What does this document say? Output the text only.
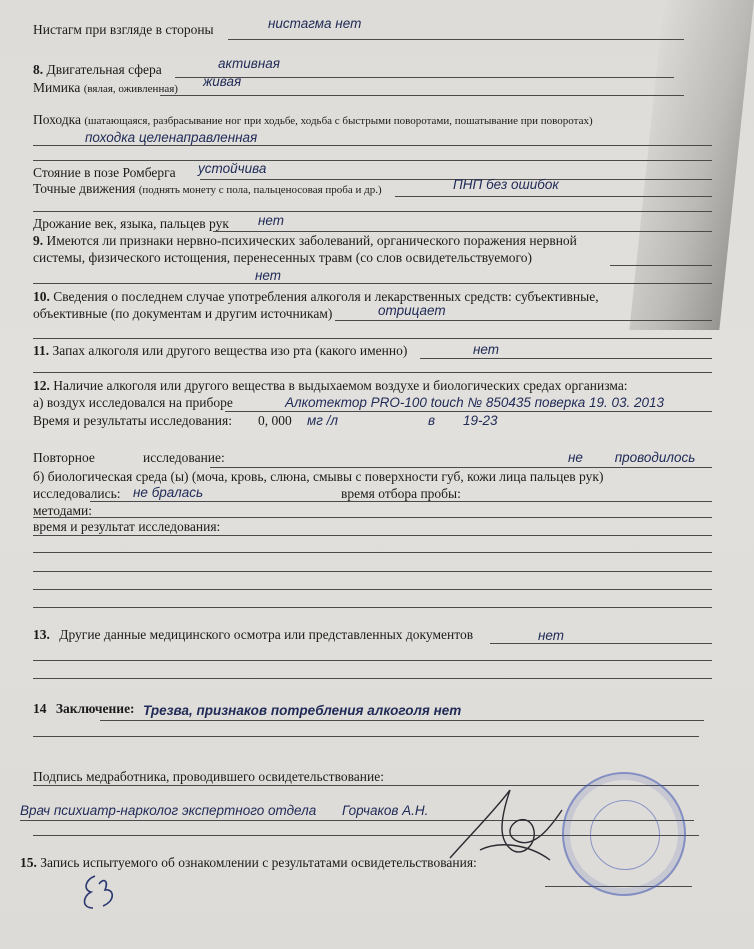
Нистагм при взгляде в стороны	нистагма нет
8. Двигательная сфера	активная
Мимика (вялая, оживленная) живая
Походка (шатающаяся, разбрасывание ног при ходьбе, ходьба с быстрыми поворотами, пошатывание при поворотах)
походка целенаправленная
Стояние в позе Ромберга устойчива
Точные движения (поднять монету с пола, пальценосовая проба и др.)	ПНП без ошибок
Дрожание век, языка, пальцев рук нет
9. Имеются ли признаки нервно-психических заболеваний, органического поражения нервной
системы, физического истощения, перенесенных травм (со слов освидетельствуемого)
нет
10. Сведения о последнем случае употребления алкоголя и лекарственных средств: субъективные,
объективные (по документам и другим источникам)	отрицает
11. Запах алкоголя или другого вещества изо рта (какого именно)	нет
12. Наличие алкоголя или другого вещества в выдыхаемом воздухе и биологических средах организма:
а) воздух исследовался на приборе	Алкотектор PRO-100 touch № 850435 поверка 19. 03. 2013
Время и результаты исследования: 0, 000 мг /л	в 19-23
Повторное	исследование:	не проводилось
б) биологическая среда (ы) (моча, кровь, слюна, смывы с поверхности губ, кожи лица пальцев рук)
исследовались: не бралась	время отбора пробы:
методами:
время и результат исследования:
13. Другие данные медицинского осмотра или представленных документов	нет
14 Заключение: Трезва, признаков потребления алкоголя нет
Подпись медработника, проводившего освидетельствование:
Врач психиатр-нарколог экспертного отдела Горчаков А.Н.
15. Запись испытуемого об ознакомлении с результатами освидетельствования:
